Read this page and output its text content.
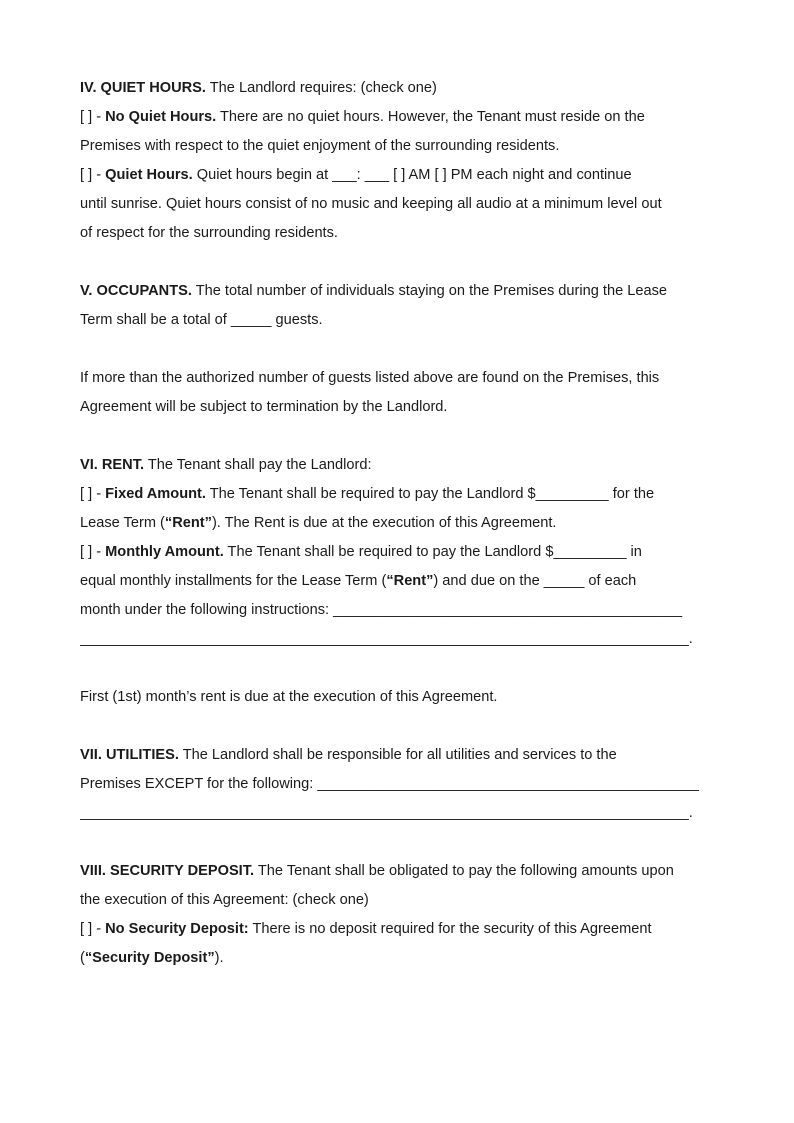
IV. QUIET HOURS. The Landlord requires: (check one)
[ ] - No Quiet Hours. There are no quiet hours. However, the Tenant must reside on the
Premises with respect to the quiet enjoyment of the surrounding residents.
[ ] - Quiet Hours. Quiet hours begin at ___: ___ [ ] AM [ ] PM each night and continue
until sunrise. Quiet hours consist of no music and keeping all audio at a minimum level out
of respect for the surrounding residents.
V. OCCUPANTS. The total number of individuals staying on the Premises during the Lease
Term shall be a total of _____ guests.
If more than the authorized number of guests listed above are found on the Premises, this
Agreement will be subject to termination by the Landlord.
VI. RENT. The Tenant shall pay the Landlord:
[ ] - Fixed Amount. The Tenant shall be required to pay the Landlord $_________ for the
Lease Term (“Rent”). The Rent is due at the execution of this Agreement.
[ ] - Monthly Amount. The Tenant shall be required to pay the Landlord $_________ in
equal monthly installments for the Lease Term (“Rent”) and due on the _____ of each
month under the following instructions: ___________________________________________
___________________________________________________________________________.
First (1st) month’s rent is due at the execution of this Agreement.
VII. UTILITIES. The Landlord shall be responsible for all utilities and services to the
Premises EXCEPT for the following: _______________________________________________
___________________________________________________________________________.
VIII. SECURITY DEPOSIT. The Tenant shall be obligated to pay the following amounts upon
the execution of this Agreement: (check one)
[ ] - No Security Deposit: There is no deposit required for the security of this Agreement
(“Security Deposit”).
